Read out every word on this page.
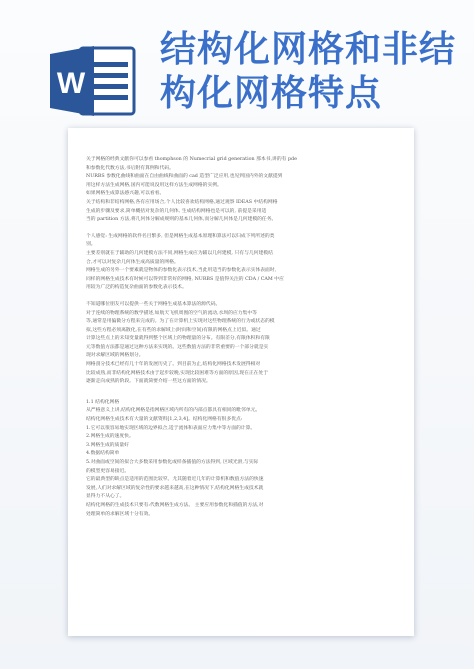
W
结构化网格和非结
构化网格特点

关于网格的经典文献你可以参看 thomphson 的 Numecrial grid generation 那本书,讲的有 pde

和参数化代数方法,书后附有算例和代码。

NURBS 参数化曲线和曲面在自由曲线和曲面的 cad 造型广泛应用,也见到国内外的文献提到

用这样方法生成网格,国内可能说没用这样方法生成网格的实例。

如果网格生成算法感兴趣,可以看看。

关于结构和非结构网格,各有应用场合,个人比较喜欢结构网格,通过观察 IDEAS 中结构网格

生成的步骤及要求,简单概括对复杂的几何体, 生成结构网格也是可以的, 前提是采用适

当的 partition 方法,将几何体分解成规则的基本几何体,而分解几何体是几何建模的任务。

个人感觉: 生成网格的软件名目繁多, 但是网格生成基本原理和算法可以归成下列所述的类

别。

主要差别就在于辅助的几何建模方法不同,网格生成应为辅以几何建模, 只有与几何建模结

合,才可以对复杂几何体生成高质量的网格。

网格生成的另外一个要素就是物体的参数化表示技术,当此用适当的参数化表示实体表面时,

同样的网格生成技术有时候可以得到非常好的网格, NURBS 是值得关注的 CDA / CAM 中应

用较为广泛的构造复杂曲面的参数化表示技术。

不知道哪位朋友可以提供一些关于网格生成基本算法的源代码。

对于连续的物理系统的数学描述,如航天飞机周围的空气的流动,水坝的应力集中等

等,通常是用偏微分方程来完成的。为了在计算机上实现对这些物理系统的行为或状态的模

拟,这些方程必须离散化,在有些的求解域上(时间和空间)有限的网格点上近似。通过

计算这些点上的未知变量就得到整个区域上的物理量的分布。有限差分,有限体积和有限

元等数值方法都是通过这种方法来实现的。这些数值方法的非常重要的一个部分就是实

现对求解区域的网格划分。

网格剖分技术已经有几十年的发展历史了。到目前为止,结构化网格技术发展得相对

比较成熟,而非结构化网格技术由于起步较晚,实现比较困难等方面的原因,现在正在处于

逐渐走向成熟的阶段。下面就简要介绍一些这方面的情况。

1.1 结构化网格

从严格意义上讲,结构化网格是指网格区域内所有的内部点都具有相同的毗邻单元。

结构化网格生成技术有大量的文献资料[1,2,3,4]。结构化网格有很多优点:

1.它可以很容易地实现区域的边界拟合,适于流体和表面应力集中等方面的计算。

2.网格生成的速度快。

3.网格生成的质量好

4.数据结构简单

5.对曲面或空间的拟合大多数采用参数化或样条插值的方法得到, 区域光滑,与实际

的模型更容易接近。

它的最典型的缺点是适用的范围比较窄。尤其随着近几年的计算机和数值方法的快速

发展,人们对求解区域的复杂性的要求越来越高,在这种情况下,结构化网格生成技术就

显得力不从心了。

结构化网格的生成技术只要有:代数网格生成方法。 主要应用参数化和插值的方法,对

处理简单的求解区域十分有效。
